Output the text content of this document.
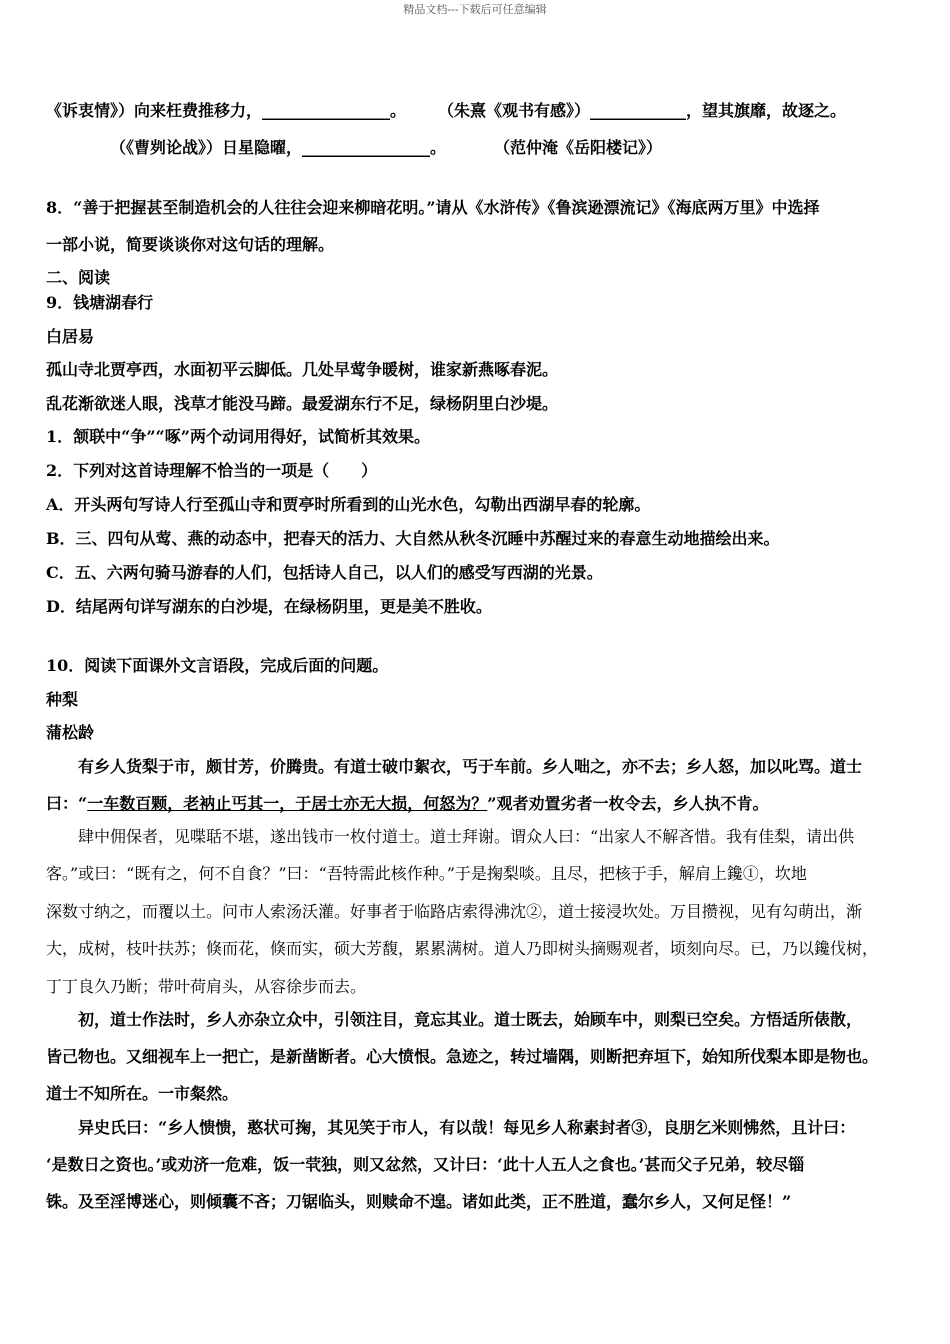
精品文档---下载后可任意编辑
《诉衷情》）向来枉费推移力，________________。　　　（朱熹《观书有感》）____________，望其旗靡，故逐之。
（《曹刿论战》）日星隐曜，________________。　　　　（范仲淹《岳阳楼记》）
8．“善于把握甚至制造机会的人往往会迎来柳暗花明。”请从《水浒传》《鲁滨逊漂流记》《海底两万里》中选择
一部小说，简要谈谈你对这句话的理解。
二、阅读
9．钱塘湖春行
白居易
孤山寺北贾亭西，水面初平云脚低。几处早莺争暖树，谁家新燕啄春泥。
乱花渐欲迷人眼，浅草才能没马蹄。最爱湖东行不足，绿杨阴里白沙堤。
1．颔联中“争”“啄”两个动词用得好，试简析其效果。
2．下列对这首诗理解不恰当的一项是（　　）
A．开头两句写诗人行至孤山寺和贾亭时所看到的山光水色，勾勒出西湖早春的轮廓。
B．三、四句从莺、燕的动态中，把春天的活力、大自然从秋冬沉睡中苏醒过来的春意生动地描绘出来。
C．五、六两句骑马游春的人们，包括诗人自己，以人们的感受写西湖的光景。
D．结尾两句详写湖东的白沙堤，在绿杨阴里，更是美不胜收。
10．阅读下面课外文言语段，完成后面的问题。
种梨
蒲松龄
有乡人货梨于市，颇甘芳，价腾贵。有道士破巾絮衣，丐于车前。乡人咄之，亦不去；乡人怒，加以叱骂。道士
曰：“一车数百颗，老衲止丐其一，于居士亦无大损，何怒为？”观者劝置劣者一枚令去，乡人执不肯。
肆中佣保者，见喋聒不堪，遂出钱市一枚付道士。道士拜谢。谓众人曰：“出家人不解吝惜。我有佳梨，请出供
客。”或曰：“既有之，何不自食？”曰：“吾特需此核作种。”于是掬梨啖。且尽，把核于手，解肩上鑱①，坎地
深数寸纳之，而覆以土。问市人索汤沃灌。好事者于临路店索得沸沈②，道士接浸坎处。万目攒视，见有勾萌出，渐
大，成树，枝叶扶苏；倏而花，倏而实，硕大芳馥，累累满树。道人乃即树头摘赐观者，顷刻向尽。已，乃以鑱伐树，
丁丁良久乃断；带叶荷肩头，从容徐步而去。
初，道士作法时，乡人亦杂立众中，引领注目，竟忘其业。道士既去，始顾车中，则梨已空矣。方悟适所俵散，
皆己物也。又细视车上一把亡，是新凿断者。心大愤恨。急迹之，转过墙隅，则断把弃垣下，始知所伐梨本即是物也。
道士不知所在。一市粲然。
异史氏曰：“乡人愦愦，憨状可掬，其见笑于市人，有以哉！每见乡人称素封者③，良朋乞米则怫然，且计曰：
‘是数日之资也。’或劝济一危难，饭一茕独，则又忿然，又计曰：‘此十人五人之食也。’甚而父子兄弟，较尽锱
铢。及至淫博迷心，则倾囊不吝；刀锯临头，则赎命不遑。诸如此类，正不胜道，蠢尔乡人，又何足怪！”
